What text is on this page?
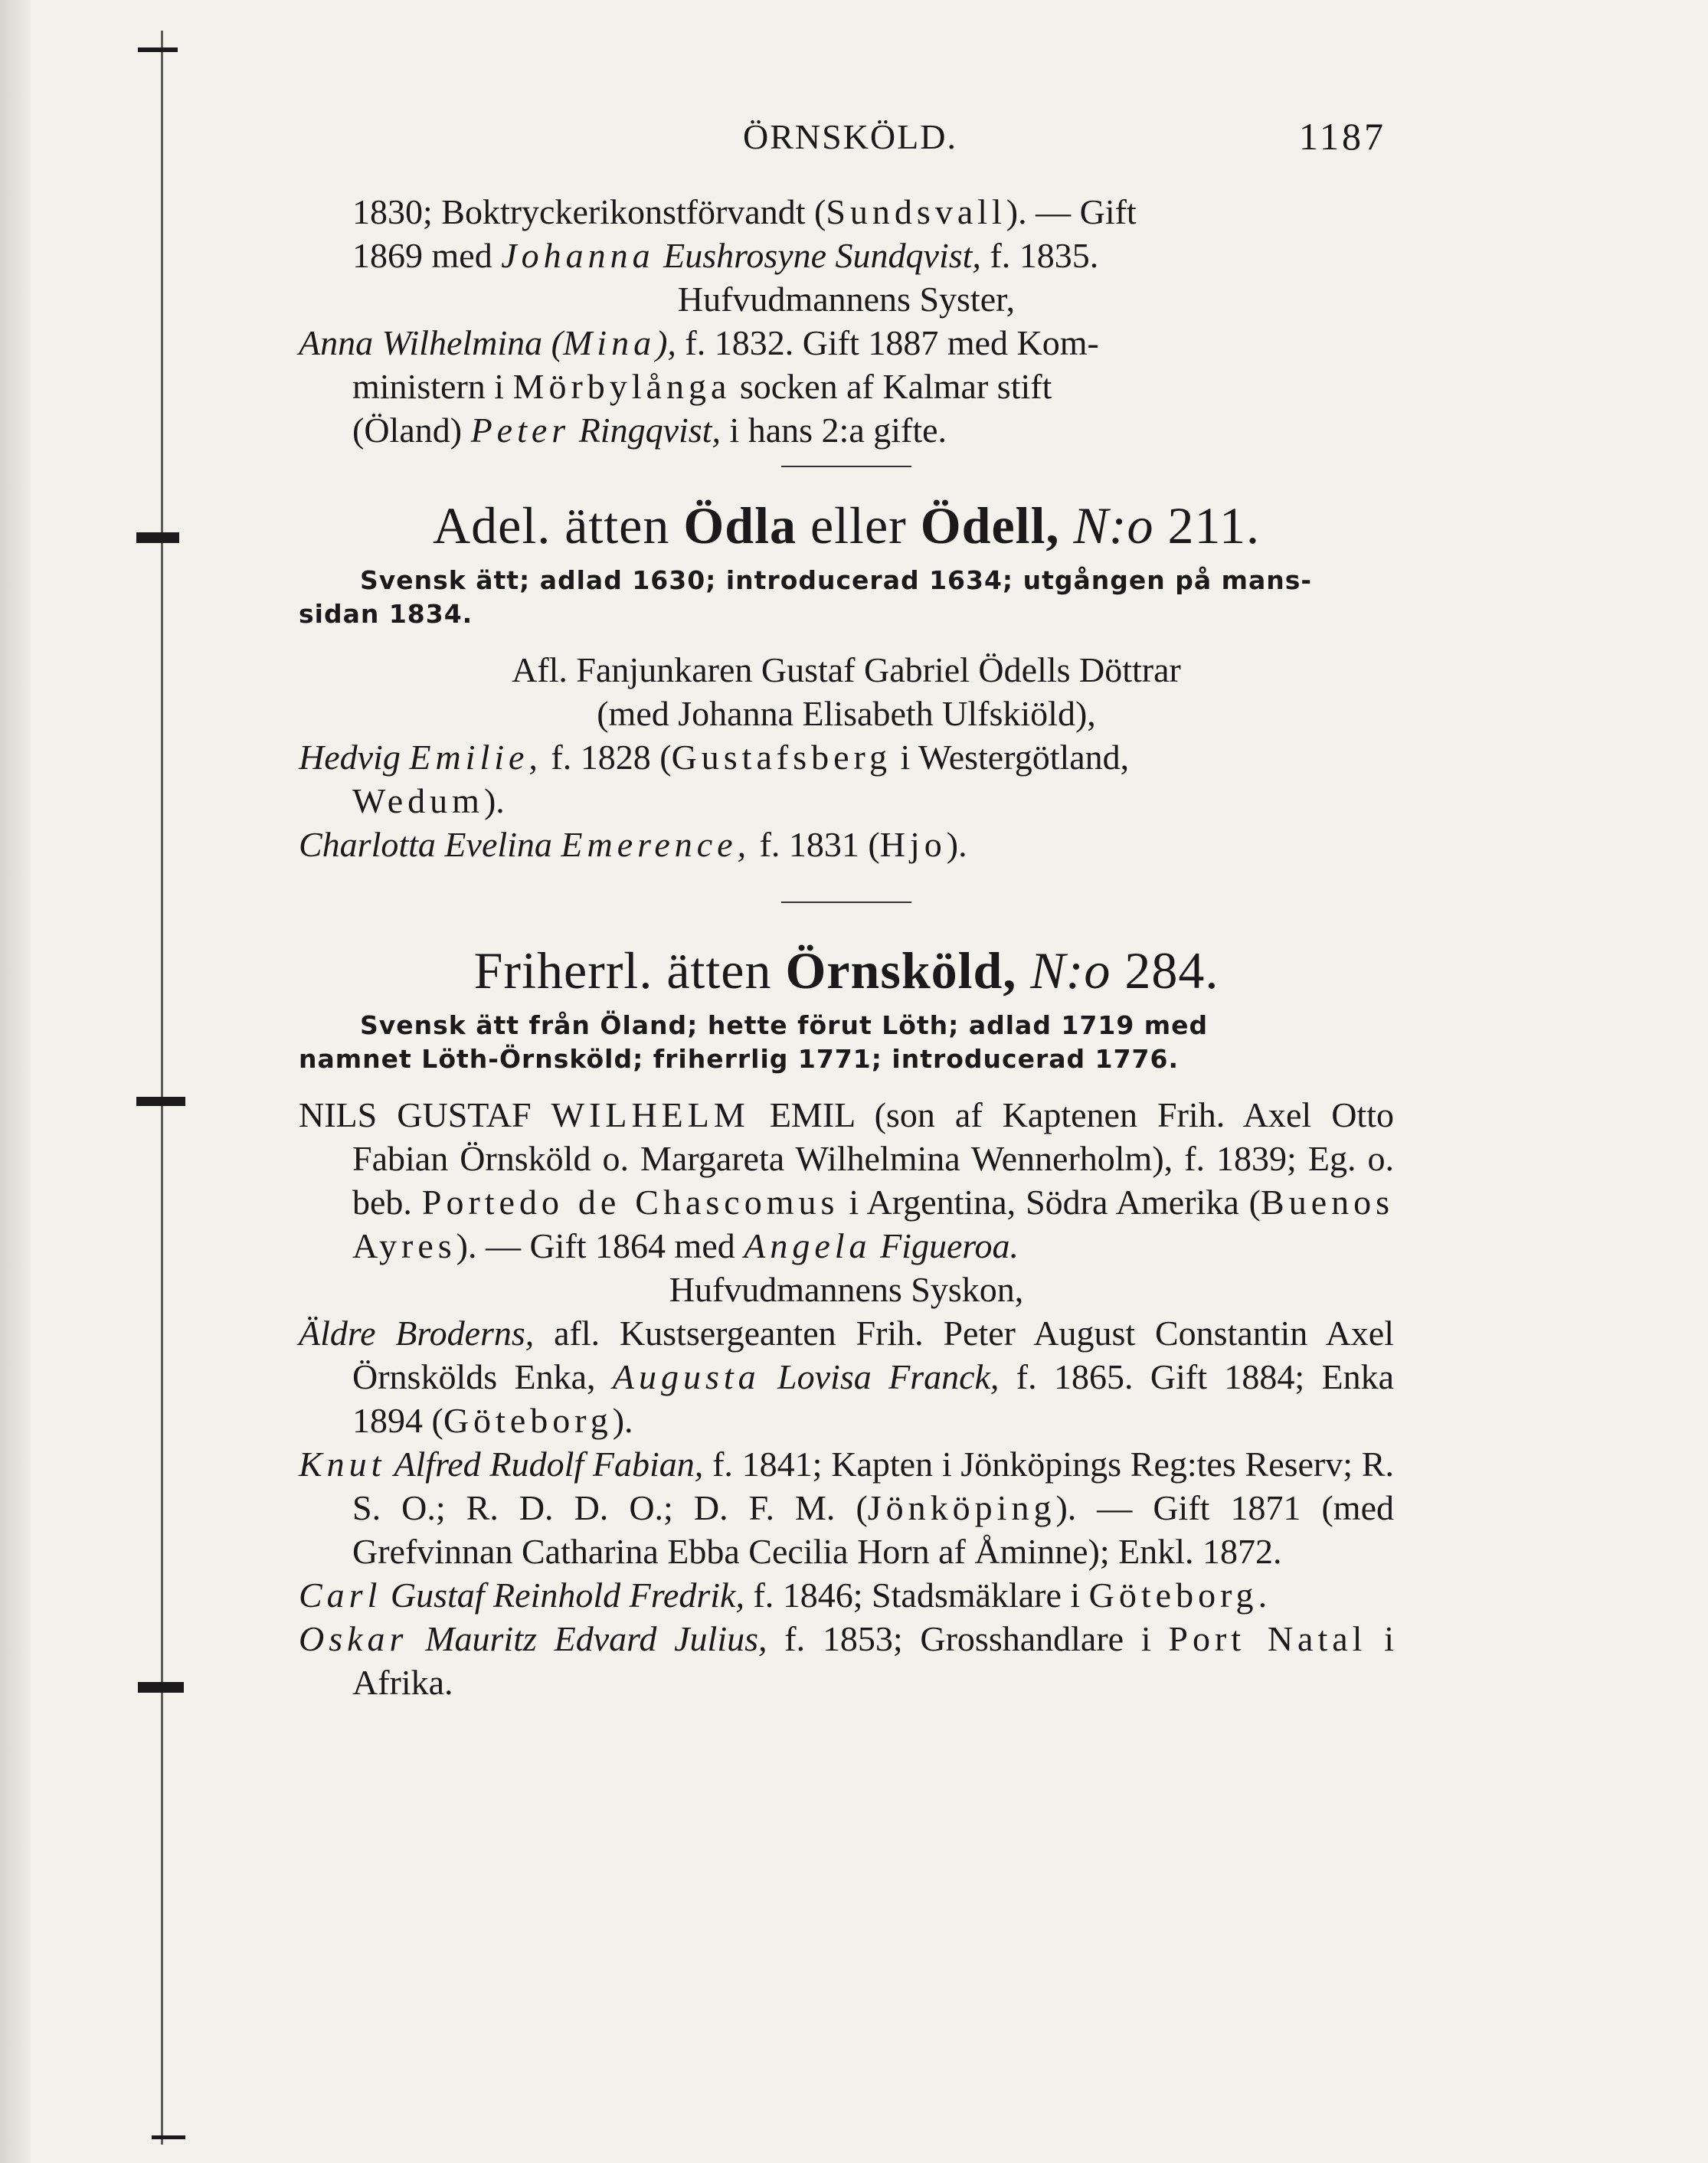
ÖRNSKÖLD.	1187

1830; Boktryckerikonstförvandt (Sundsvall). — Gift

1869 med Johanna Eushrosyne Sundqvist, f. 1835.

Hufvudmannens Syster,

Anna Wilhelmina (Mina), f. 1832. Gift 1887 med Kom-
ministern i Mörbylånga socken af Kalmar stift
(Öland) Peter Ringqvist, i hans 2:a gifte.

Adel. ätten Ödla eller Ödell, N:o 211.

Svensk ätt; adlad 1630; introducerad 1634; utgången på mans-

sidan 1834.

Afl. Fanjunkaren Gustaf Gabriel Ödells Döttrar

(med Johanna Elisabeth Ulfskiöld),

Hedvig Emilie, f. 1828 (Gustafsberg i Westergötland,
Wedum).

Charlotta Evelina Emerence, f. 1831 (Hjo).

Friherrl. ätten Örnsköld, N:o 284.

Svensk ätt från Öland; hette förut Löth; adlad 1719 med

namnet Löth-Örnsköld; friherrlig 1771; introducerad 1776.

NILS GUSTAF WILHELM EMIL (son af Kaptenen Frih. Axel Otto Fabian Örnsköld o. Margareta Wilhelmina Wennerholm), f. 1839; Eg. o. beb. Portedo de Chascomus i Argentina, Södra Amerika (Buenos Ayres). — Gift 1864 med Angela Figueroa.

Hufvudmannens Syskon,

Äldre Broderns, afl. Kustsergeanten Frih. Peter August Constantin Axel Örnskölds Enka, Augusta Lovisa Franck, f. 1865. Gift 1884; Enka 1894 (Göteborg).

Knut Alfred Rudolf Fabian, f. 1841; Kapten i Jönköpings Reg:tes Reserv; R. S. O.; R. D. D. O.; D. F. M. (Jönköping). — Gift 1871 (med Grefvinnan Catharina Ebba Cecilia Horn af Åminne); Enkl. 1872.

Carl Gustaf Reinhold Fredrik, f. 1846; Stadsmäklare i Göteborg.

Oskar Mauritz Edvard Julius, f. 1853; Grosshandlare i Port Natal i Afrika.
